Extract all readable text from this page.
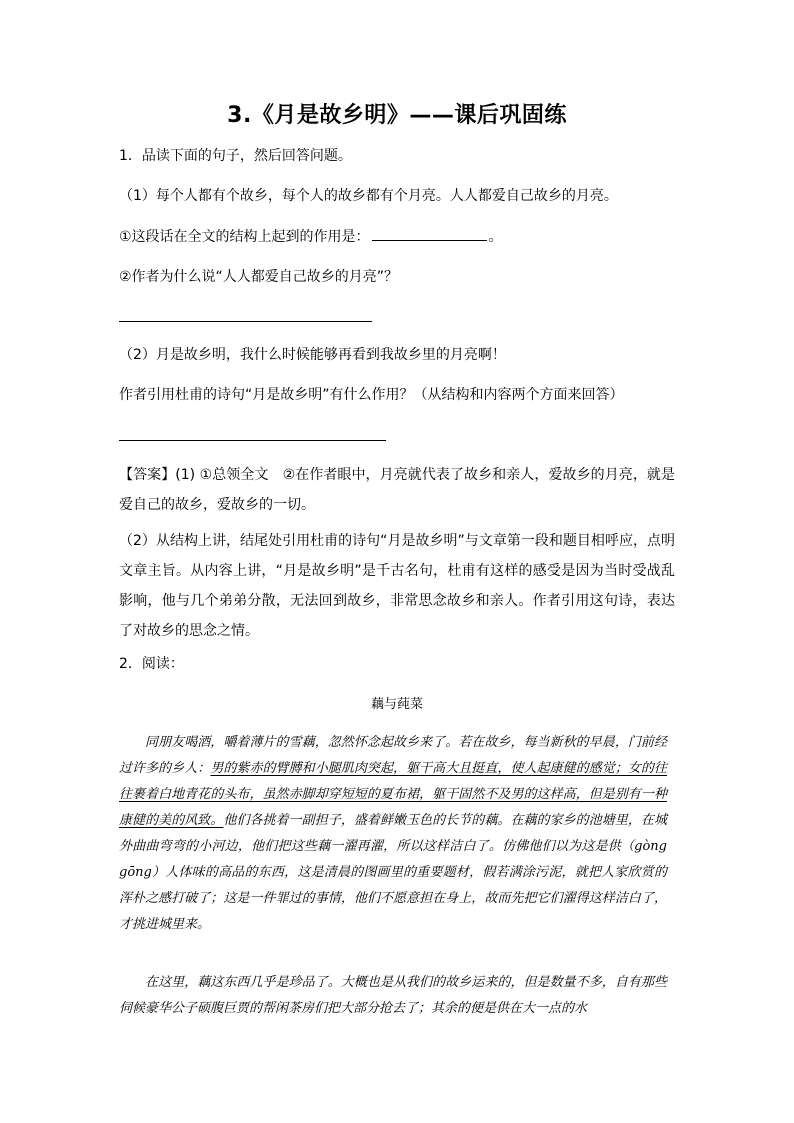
3.《月是故乡明》——课后巩固练
1．品读下面的句子，然后回答问题。
（1）每个人都有个故乡，每个人的故乡都有个月亮。人人都爱自己故乡的月亮。
①这段话在全文的结构上起到的作用是：	。
②作者为什么说“人人都爱自己故乡的月亮”？
（2）月是故乡明，我什么时候能够再看到我故乡里的月亮啊！
作者引用杜甫的诗句“月是故乡明”有什么作用？（从结构和内容两个方面来回答）
【答案】(1) ①总领全文　②在作者眼中，月亮就代表了故乡和亲人，爱故乡的月亮，就是爱自己的故乡，爱故乡的一切。
（2）从结构上讲，结尾处引用杜甫的诗句“月是故乡明”与文章第一段和题目相呼应，点明文章主旨。从内容上讲，“月是故乡明”是千古名句，杜甫有这样的感受是因为当时受战乱影响，他与几个弟弟分散，无法回到故乡，非常思念故乡和亲人。作者引用这句诗，表达了对故乡的思念之情。
2．阅读：
藕与莼菜
同朋友喝酒，嚼着薄片的雪藕，忽然怀念起故乡来了。若在故乡，每当新秋的早晨，门前经过许多的乡人：男的紫赤的臂膊和小腿肌肉突起，躯干高大且挺直，使人起康健的感觉；女的往往裹着白地青花的头布，虽然赤脚却穿短短的夏布裙，躯干固然不及男的这样高，但是别有一种康健的美的风致。他们各挑着一副担子，盛着鲜嫩玉色的长节的藕。在藕的家乡的池塘里，在城外曲曲弯弯的小河边，他们把这些藕一濯再濯，所以这样洁白了。仿佛他们以为这是供（gòng　gōng）人体味的高品的东西，这是清晨的图画里的重要题材，假若满涂污泥，就把人家欣赏的浑朴之感打破了；这是一件罪过的事情，他们不愿意担在身上，故而先把它们濯得这样洁白了，才挑进城里来。
在这里，藕这东西几乎是珍品了。大概也是从我们的故乡运来的，但是数量不多，自有那些伺候豪华公子硕腹巨贾的帮闲茶房们把大部分抢去了；其余的便是供在大一点的水
